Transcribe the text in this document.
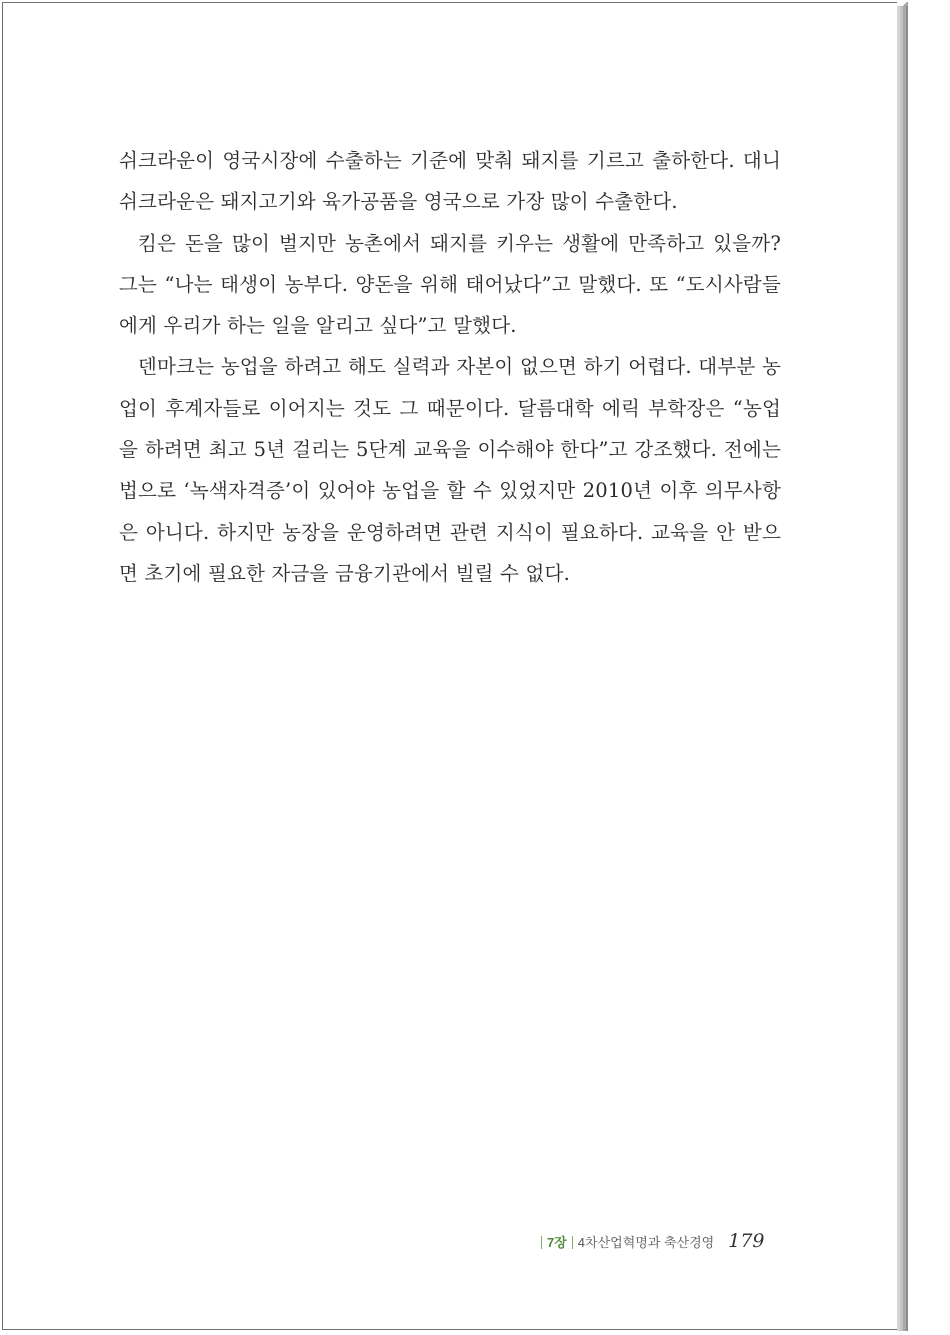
쉬크라운이 영국시장에 수출하는 기준에 맞춰 돼지를 기르고 출하한다. 대니쉬크라운은 돼지고기와 육가공품을 영국으로 가장 많이 수출한다.

킴은 돈을 많이 벌지만 농촌에서 돼지를 키우는 생활에 만족하고 있을까? 그는 “나는 태생이 농부다. 양돈을 위해 태어났다”고 말했다. 또 “도시사람들에게 우리가 하는 일을 알리고 싶다”고 말했다.

덴마크는 농업을 하려고 해도 실력과 자본이 없으면 하기 어렵다. 대부분 농업이 후계자들로 이어지는 것도 그 때문이다. 달름대학 에릭 부학장은 “농업을 하려면 최고 5년 걸리는 5단계 교육을 이수해야 한다”고 강조했다. 전에는 법으로 ‘녹색자격증’이 있어야 농업을 할 수 있었지만 2010년 이후 의무사항은 아니다. 하지만 농장을 운영하려면 관련 지식이 필요하다. 교육을 안 받으면 초기에 필요한 자금을 금융기관에서 빌릴 수 없다.

7장 4차산업혁명과 축산경영 179
